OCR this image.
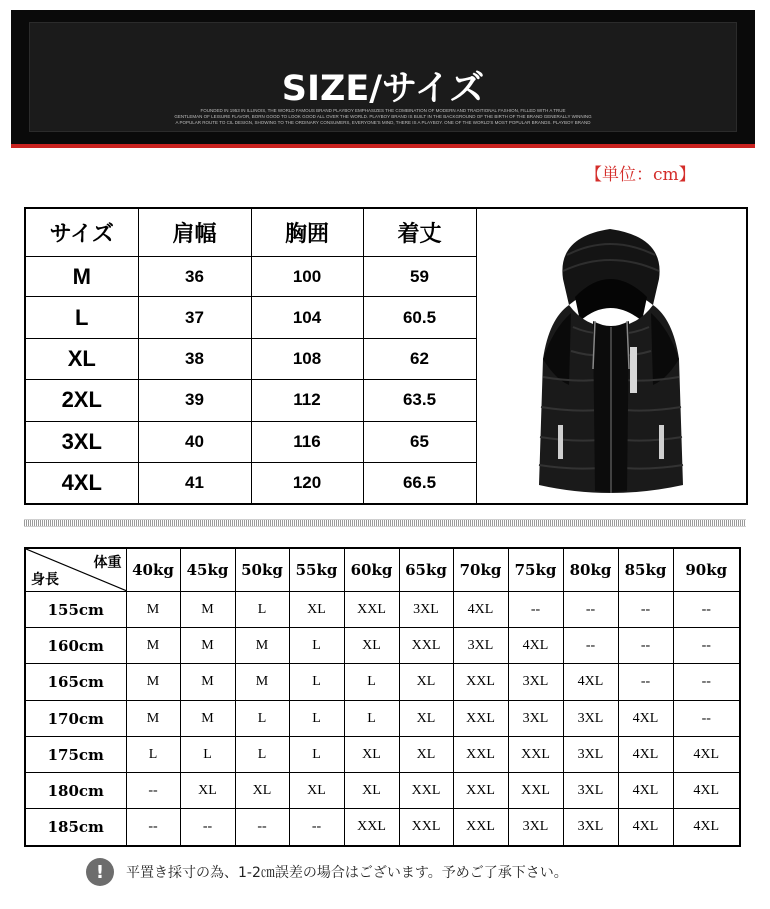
SIZE/サイズ
FOUNDED IN 1953 IN ILLINOIS, THE WORLD FAMOUS BRAND PLAYBOY EMPHASIZES THE COMBINATION OF MODERN AND TRADITIONAL FASHION, FILLED WITH A TRUE
GENTLEMAN OF LEISURE FLAVOR, BORN GOOD TO LOOK GOOD ALL OVER THE WORLD. PLAYBOY BRAND IS BUILT IN THE BACKGROUND OF THE BIRTH OF THE BRAND GENERALLY WINNING
A POPULAR ROUTE TO CIL DESIGN, SHOWING TO THE ORDINARY CONSUMERS, EVERYONE'S MIND, THERE IS A PLAYBOY. ONE OF THE WORLD'S MOST POPULAR BRANDS. PLAYBOY BRAND
【単位：cm】
サイズ	肩幅	胸囲	着丈	
M	36	100	59	
L	37	104	60.5	
XL	38	108	62	
2XL	39	112	63.5	
3XL	40	116	65	
4XL	41	120	66.5	
体重
身長	40kg	45kg	50kg	55kg	60kg	65kg	70kg	75kg	80kg	85kg	90kg
155cm	M	M	L	XL	XXL	3XL	4XL	--	--	--	--
160cm	M	M	M	L	XL	XXL	3XL	4XL	--	--	--
165cm	M	M	M	L	L	XL	XXL	3XL	4XL	--	--
170cm	M	M	L	L	L	XL	XXL	3XL	3XL	4XL	--
175cm	L	L	L	L	XL	XL	XXL	XXL	3XL	4XL	4XL
180cm	--	XL	XL	XL	XL	XXL	XXL	XXL	3XL	4XL	4XL
185cm	--	--	--	--	XXL	XXL	XXL	3XL	3XL	4XL	4XL
!	平置き採寸の為、1-2㎝誤差の場合はございます。予めご了承下さい。
